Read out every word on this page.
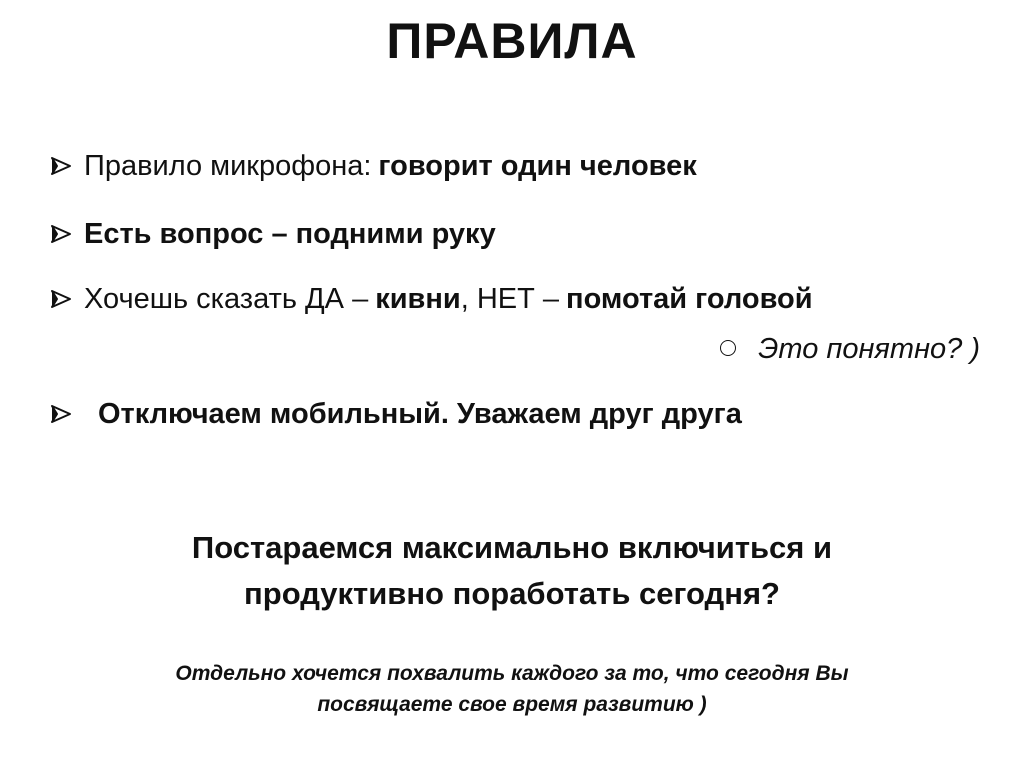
ПРАВИЛА
Правило микрофона: говорит один человек
Есть вопрос – подними руку
Хочешь сказать ДА – кивни , НЕТ – помотай головой
Отключаем мобильный. Уважаем друг друга
Это понятно? )
Постараемся максимально включиться и
продуктивно поработать сегодня?
Отдельно хочется похвалить каждого за то, что сегодня Вы
посвящаете свое время развитию )
